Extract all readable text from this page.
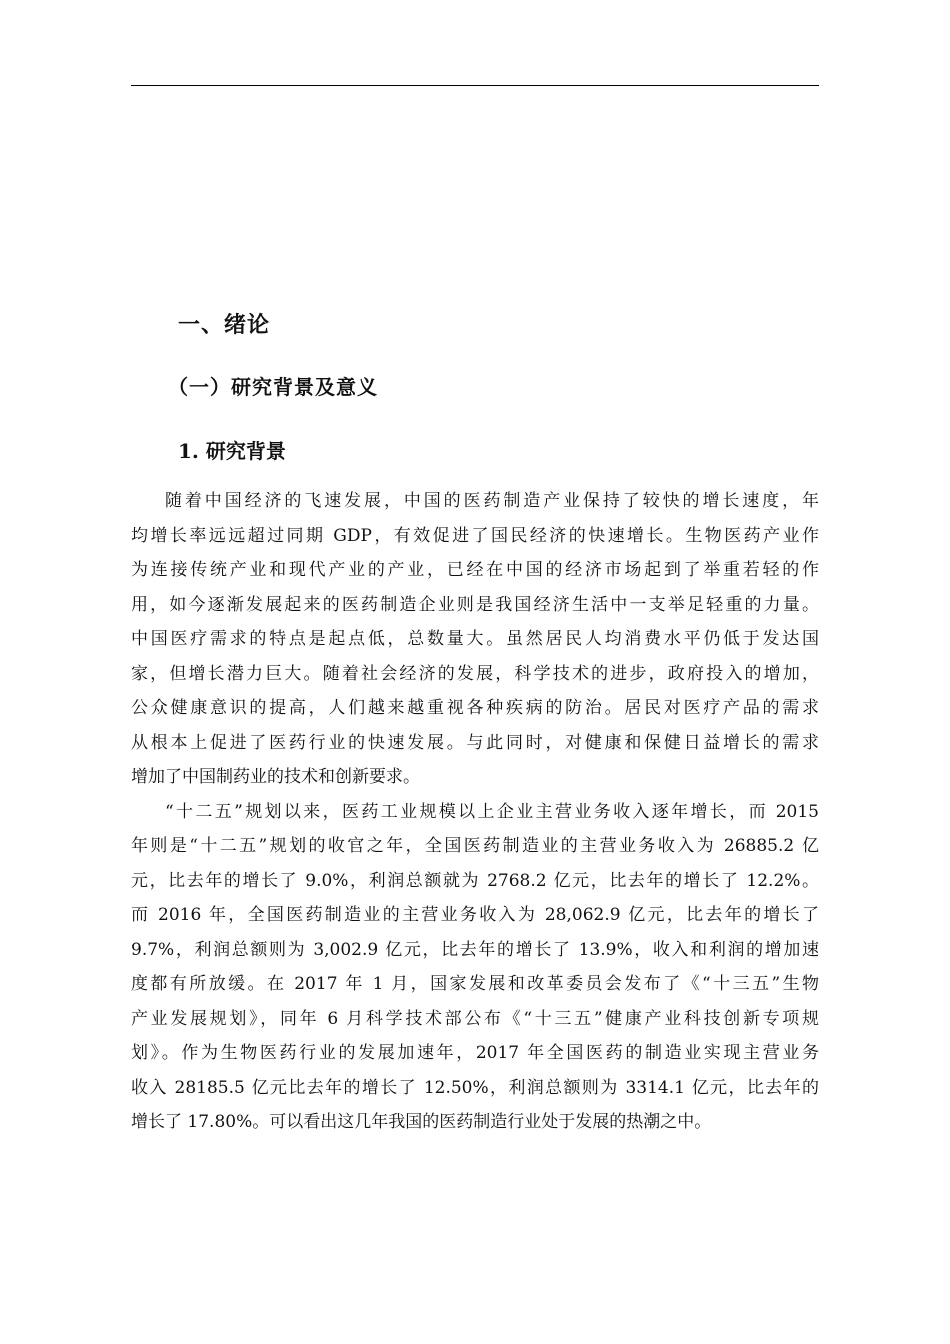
一、绪论
（一）研究背景及意义
1. 研究背景
随着中国经济的飞速发展，中国的医药制造产业保持了较快的增长速度，年
均增长率远远超过同期 GDP，有效促进了国民经济的快速增长。生物医药产业作
为连接传统产业和现代产业的产业，已经在中国的经济市场起到了举重若轻的作
用，如今逐渐发展起来的医药制造企业则是我国经济生活中一支举足轻重的力量。
中国医疗需求的特点是起点低，总数量大。虽然居民人均消费水平仍低于发达国
家，但增长潜力巨大。随着社会经济的发展，科学技术的进步，政府投入的增加，
公众健康意识的提高，人们越来越重视各种疾病的防治。居民对医疗产品的需求
从根本上促进了医药行业的快速发展。与此同时，对健康和保健日益增长的需求
增加了中国制药业的技术和创新要求。
“十二五”规划以来，医药工业规模以上企业主营业务收入逐年增长，而 2015
年则是“十二五”规划的收官之年，全国医药制造业的主营业务收入为 26885.2 亿
元，比去年的增长了 9.0%，利润总额就为 2768.2 亿元，比去年的增长了 12.2%。
而 2016 年，全国医药制造业的主营业务收入为 28,062.9 亿元，比去年的增长了
9.7%，利润总额则为 3,002.9 亿元，比去年的增长了 13.9%，收入和利润的增加速
度都有所放缓。在 2017 年 1 月，国家发展和改革委员会发布了《“十三五”生物
产业发展规划》，同年 6 月科学技术部公布《“十三五”健康产业科技创新专项规
划》。作为生物医药行业的发展加速年，2017 年全国医药的制造业实现主营业务
收入 28185.5 亿元比去年的增长了 12.50%，利润总额则为 3314.1 亿元，比去年的
增长了 17.80%。可以看出这几年我国的医药制造行业处于发展的热潮之中。
